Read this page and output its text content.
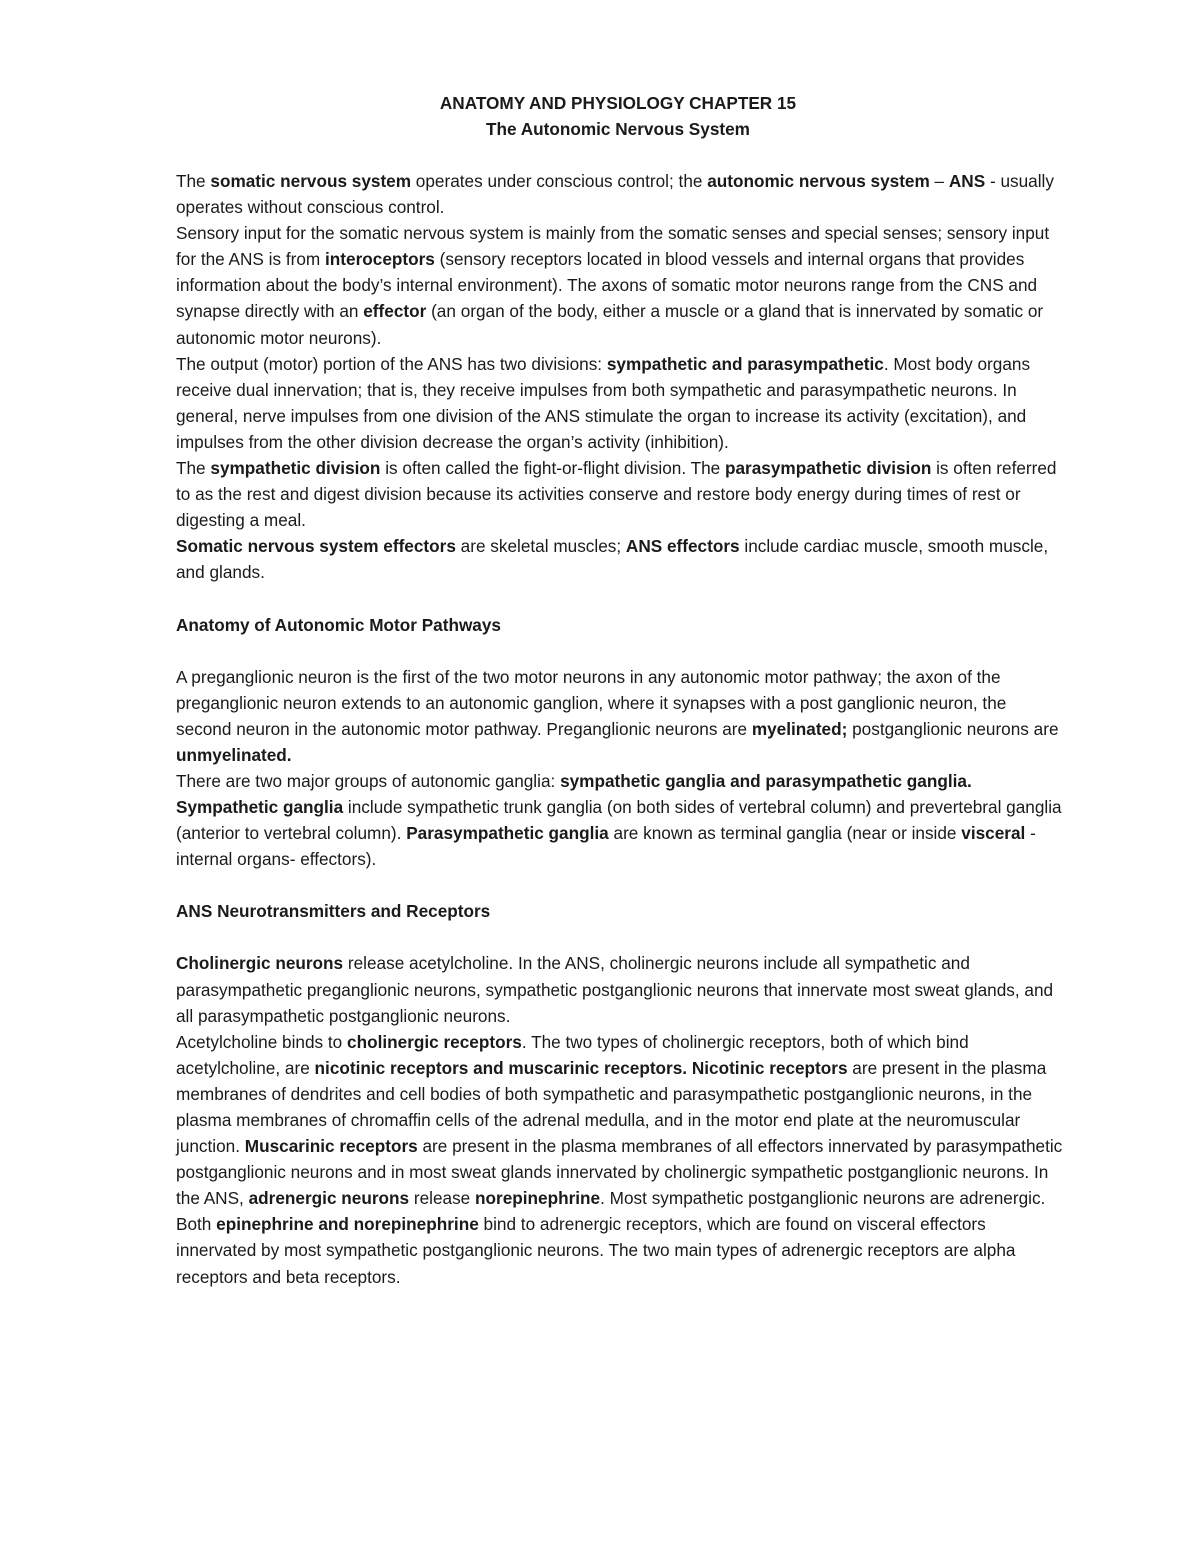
ANATOMY AND PHYSIOLOGY CHAPTER 15
The Autonomic Nervous System

The somatic nervous system operates under conscious control; the autonomic nervous system – ANS - usually operates without conscious control.

Sensory input for the somatic nervous system is mainly from the somatic senses and special senses; sensory input for the ANS is from interoceptors (sensory receptors located in blood vessels and internal organs that provides information about the body’s internal environment). The axons of somatic motor neurons range from the CNS and synapse directly with an effector (an organ of the body, either a muscle or a gland that is innervated by somatic or autonomic motor neurons).

The output (motor) portion of the ANS has two divisions: sympathetic and parasympathetic. Most body organs receive dual innervation; that is, they receive impulses from both sympathetic and parasympathetic neurons. In general, nerve impulses from one division of the ANS stimulate the organ to increase its activity (excitation), and impulses from the other division decrease the organ’s activity (inhibition).

The sympathetic division is often called the fight-or-flight division. The parasympathetic division is often referred to as the rest and digest division because its activities conserve and restore body energy during times of rest or digesting a meal.

Somatic nervous system effectors are skeletal muscles; ANS effectors include cardiac muscle, smooth muscle, and glands.

Anatomy of Autonomic Motor Pathways

A preganglionic neuron is the first of the two motor neurons in any autonomic motor pathway; the axon of the preganglionic neuron extends to an autonomic ganglion, where it synapses with a post ganglionic neuron, the second neuron in the autonomic motor pathway. Preganglionic neurons are myelinated; postganglionic neurons are unmyelinated.

There are two major groups of autonomic ganglia: sympathetic ganglia and parasympathetic ganglia. Sympathetic ganglia include sympathetic trunk ganglia (on both sides of vertebral column) and prevertebral ganglia (anterior to vertebral column). Parasympathetic ganglia are known as terminal ganglia (near or inside visceral -internal organs- effectors).

ANS Neurotransmitters and Receptors

Cholinergic neurons release acetylcholine. In the ANS, cholinergic neurons include all sympathetic and parasympathetic preganglionic neurons, sympathetic postganglionic neurons that innervate most sweat glands, and all parasympathetic postganglionic neurons.

Acetylcholine binds to cholinergic receptors. The two types of cholinergic receptors, both of which bind acetylcholine, are nicotinic receptors and muscarinic receptors. Nicotinic receptors are present in the plasma membranes of dendrites and cell bodies of both sympathetic and parasympathetic postganglionic neurons, in the plasma membranes of chromaffin cells of the adrenal medulla, and in the motor end plate at the neuromuscular junction. Muscarinic receptors are present in the plasma membranes of all effectors innervated by parasympathetic postganglionic neurons and in most sweat glands innervated by cholinergic sympathetic postganglionic neurons. In the ANS, adrenergic neurons release norepinephrine. Most sympathetic postganglionic neurons are adrenergic.

Both epinephrine and norepinephrine bind to adrenergic receptors, which are found on visceral effectors innervated by most sympathetic postganglionic neurons. The two main types of adrenergic receptors are alpha receptors and beta receptors.
